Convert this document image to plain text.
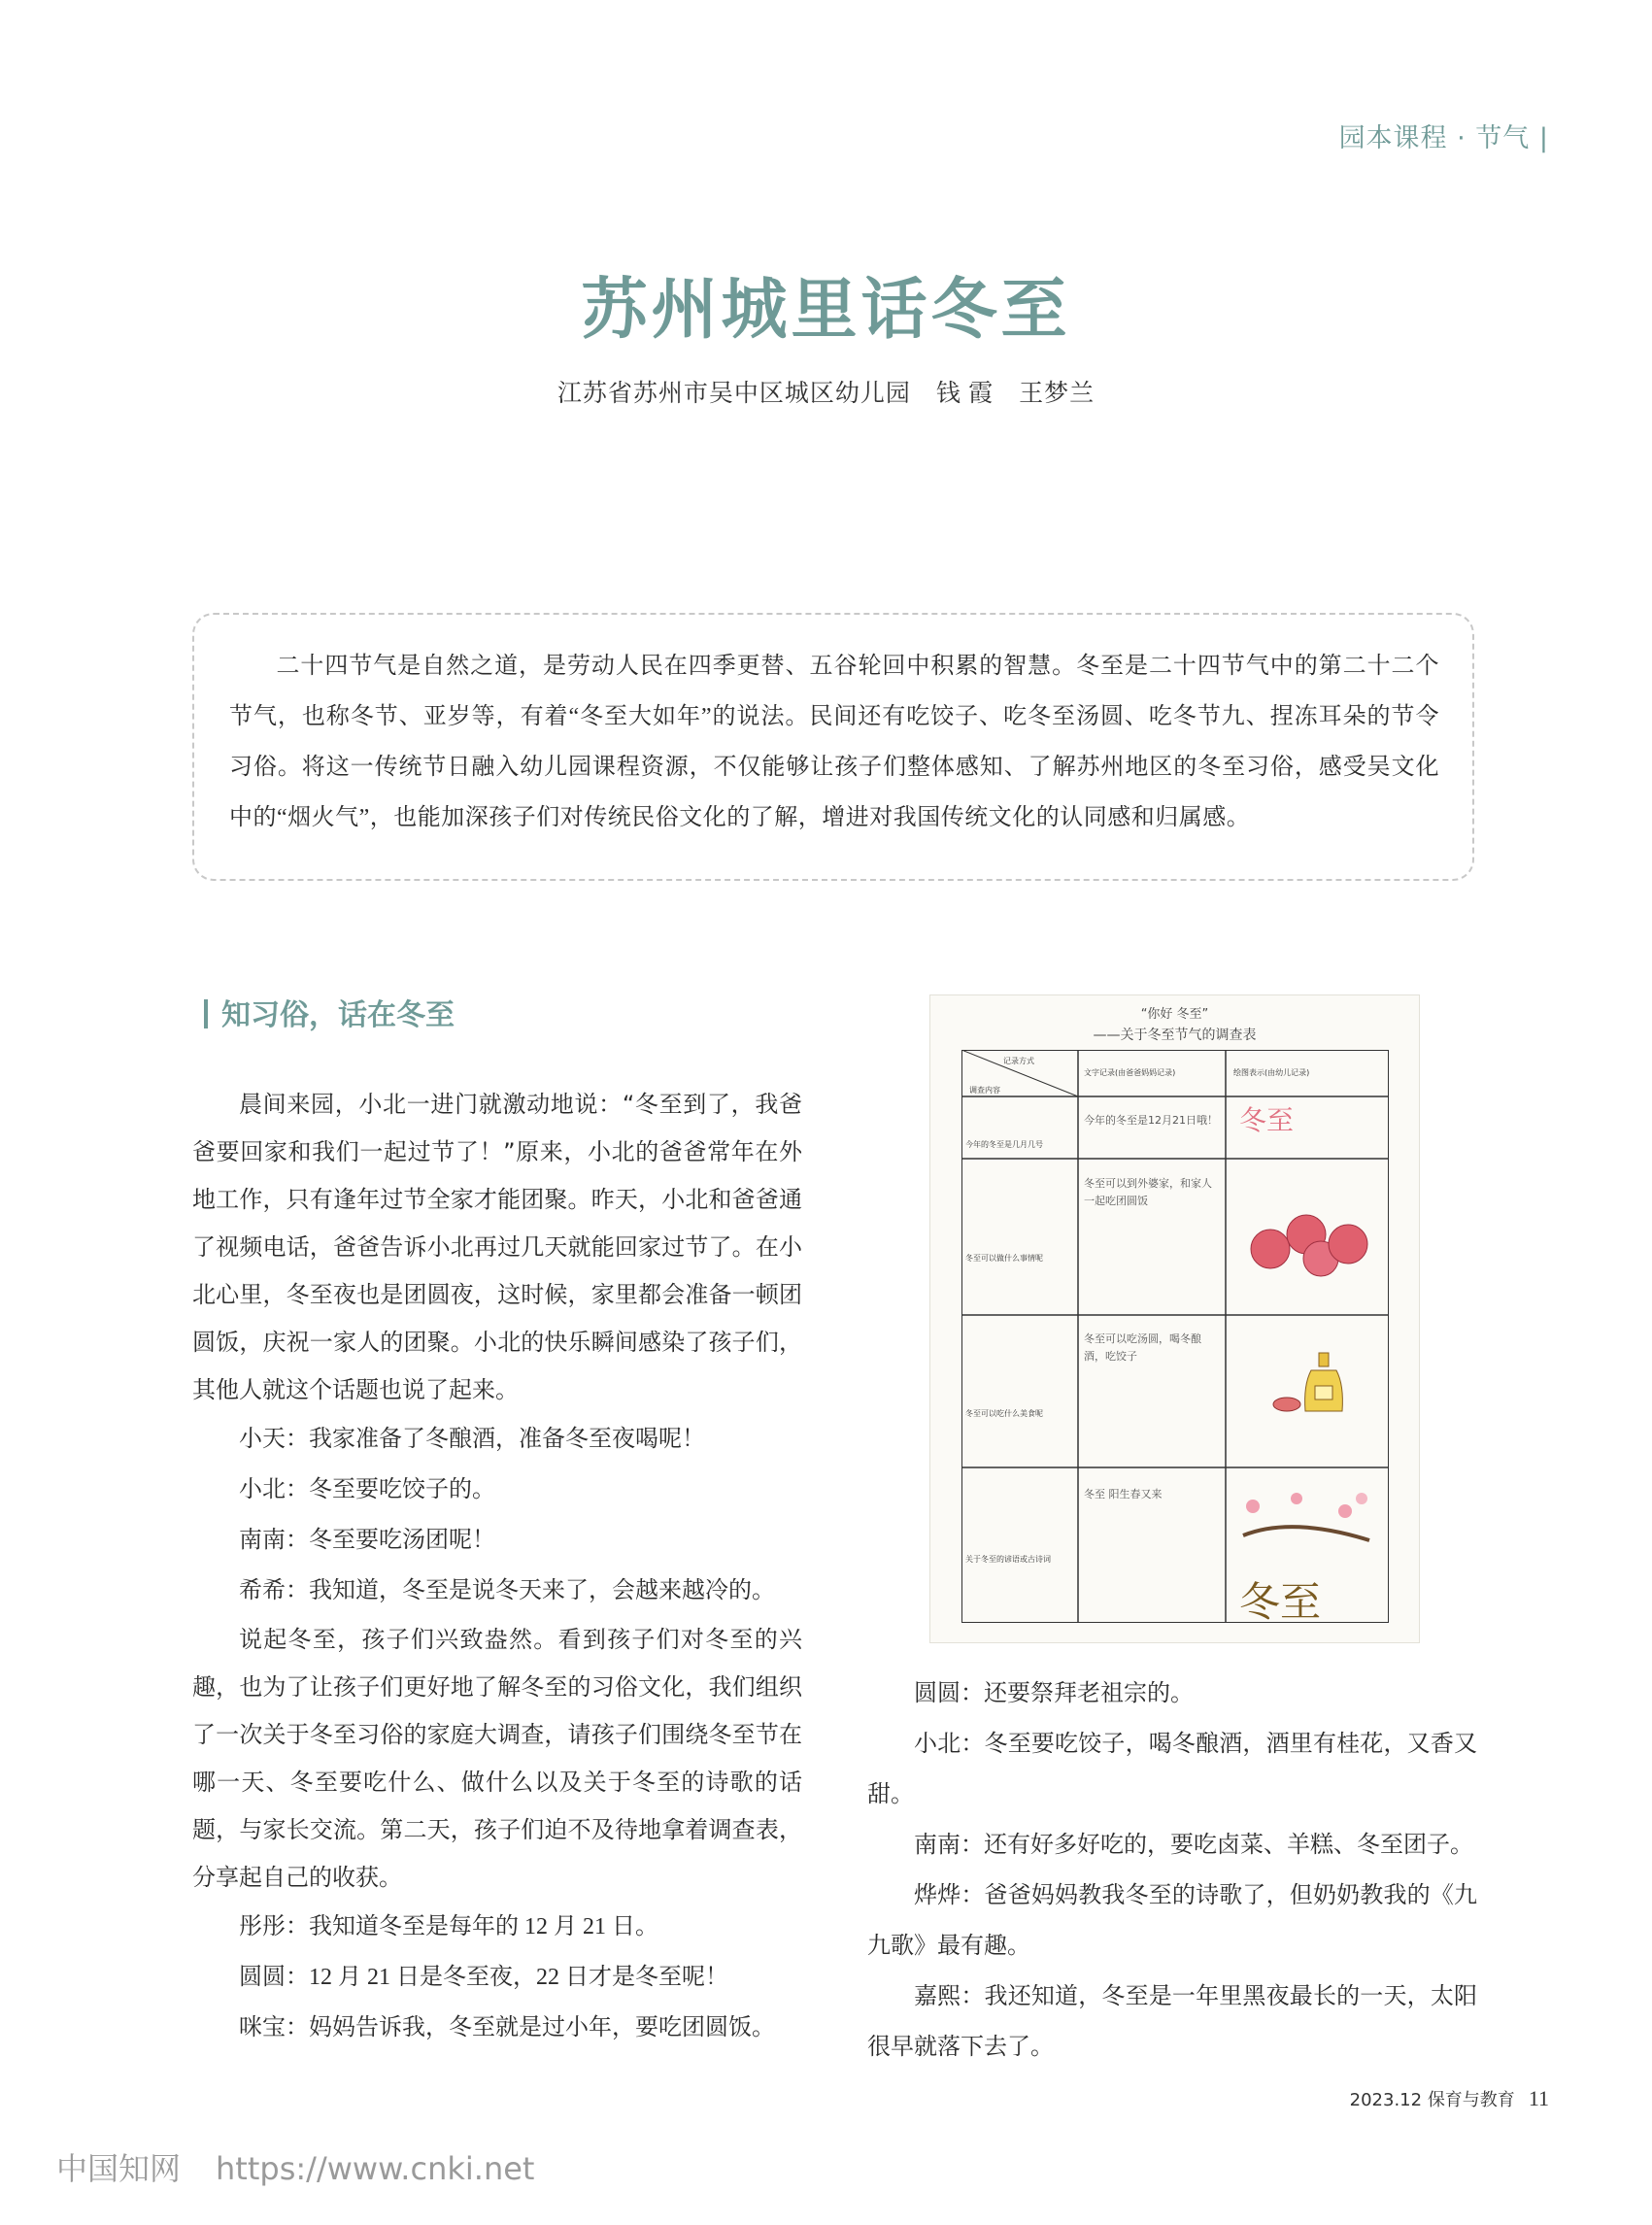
园本课程 · 节气 |
苏州城里话冬至
江苏省苏州市吴中区城区幼儿园　钱 霞　王梦兰
二十四节气是自然之道，是劳动人民在四季更替、五谷轮回中积累的智慧。冬至是二十四节气中的第二十二个节气，也称冬节、亚岁等，有着“冬至大如年”的说法。民间还有吃饺子、吃冬至汤圆、吃冬节九、捏冻耳朵的节令习俗。将这一传统节日融入幼儿园课程资源，不仅能够让孩子们整体感知、了解苏州地区的冬至习俗，感受吴文化中的“烟火气”，也能加深孩子们对传统民俗文化的了解，增进对我国传统文化的认同感和归属感。
知习俗，话在冬至

晨间来园，小北一进门就激动地说：“冬至到了，我爸爸要回家和我们一起过节了！”原来，小北的爸爸常年在外地工作，只有逢年过节全家才能团聚。昨天，小北和爸爸通了视频电话，爸爸告诉小北再过几天就能回家过节了。在小北心里，冬至夜也是团圆夜，这时候，家里都会准备一顿团圆饭，庆祝一家人的团聚。小北的快乐瞬间感染了孩子们，其他人就这个话题也说了起来。

小天：我家准备了冬酿酒，准备冬至夜喝呢！

小北：冬至要吃饺子的。

南南：冬至要吃汤团呢！

希希：我知道，冬至是说冬天来了，会越来越冷的。

说起冬至，孩子们兴致盎然。看到孩子们对冬至的兴趣，也为了让孩子们更好地了解冬至的习俗文化，我们组织了一次关于冬至习俗的家庭大调查，请孩子们围绕冬至节在哪一天、冬至要吃什么、做什么以及关于冬至的诗歌的话题，与家长交流。第二天，孩子们迫不及待地拿着调查表，分享起自己的收获。

彤彤：我知道冬至是每年的 12 月 21 日。

圆圆：12 月 21 日是冬至夜，22 日才是冬至呢！

咪宝：妈妈告诉我，冬至就是过小年，要吃团圆饭。

“你好 冬至”
——关于冬至节气的调查表
记录方式
调查内容
文字记录(由爸爸妈妈记录)	绘图表示(由幼儿记录)
今年的冬至是几月几号
冬至可以做什么事情呢
冬至可以吃什么美食呢
关于冬至的谚语或古诗词
今年的冬至是12月21日哦！
冬至可以到外婆家，和家人一起吃团圆饭
冬至可以吃汤圆，喝冬酿酒，吃饺子
冬至 阳生春又来
冬至
冬至

圆圆：还要祭拜老祖宗的。

小北：冬至要吃饺子，喝冬酿酒，酒里有桂花，又香又甜。

南南：还有好多好吃的，要吃卤菜、羊糕、冬至团子。

烨烨：爸爸妈妈教我冬至的诗歌了，但奶奶教我的《九九歌》最有趣。

嘉熙：我还知道，冬至是一年里黑夜最长的一天，太阳很早就落下去了。

2023.12 保育与教育 11
中国知网 https://www.cnki.net
